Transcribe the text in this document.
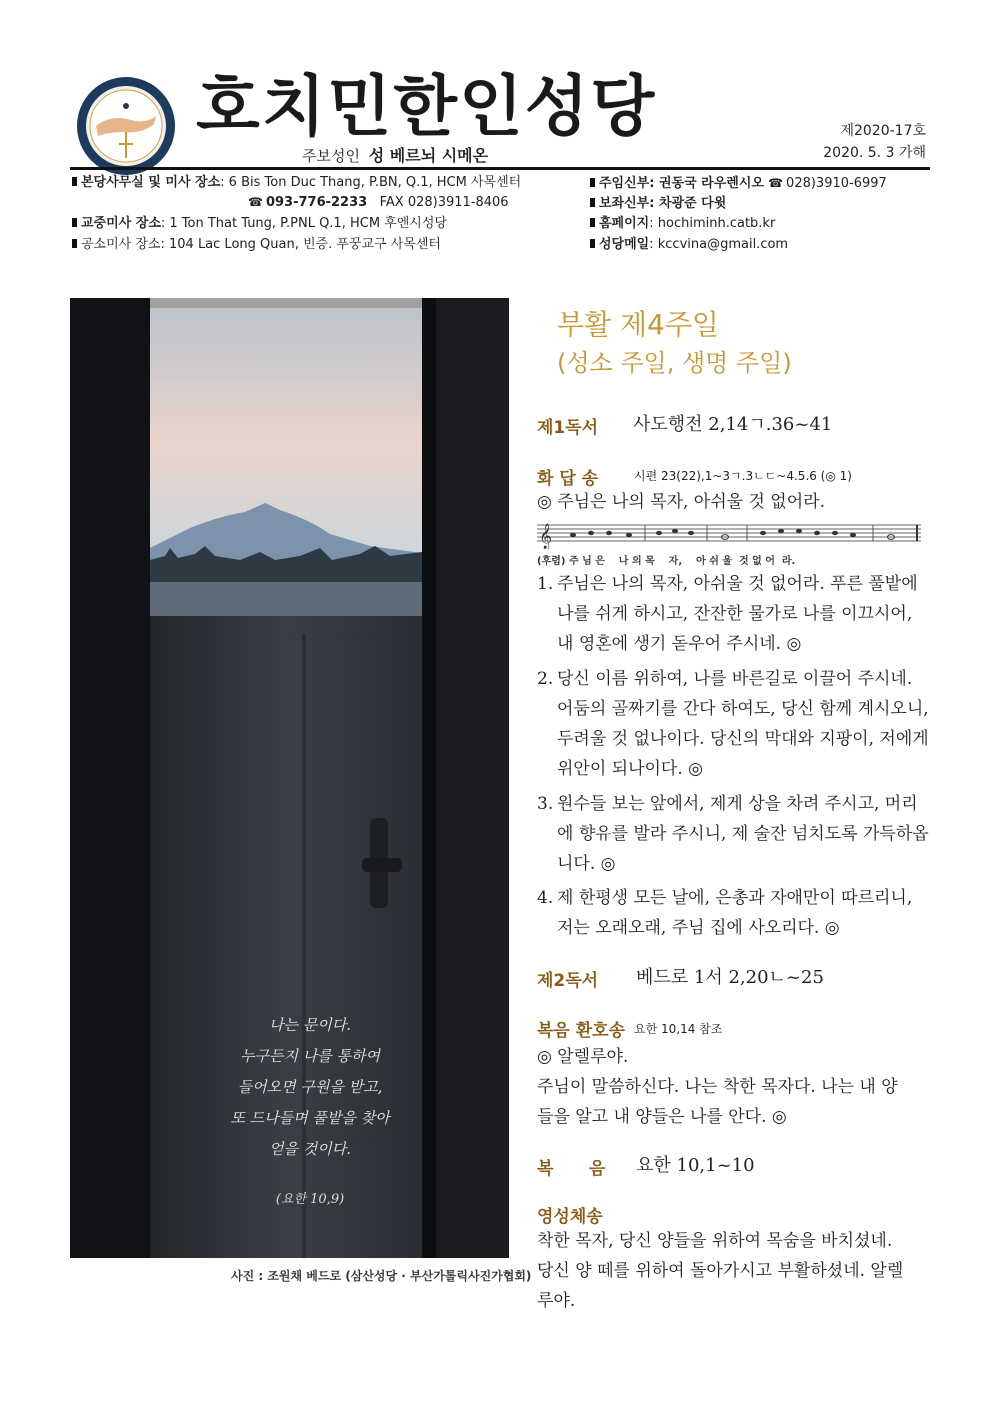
호치민한인성당
주보성인 성 베르뇌 시메온
제2020-17호
2020. 5. 3 가해
본당사무실 및 미사 장소: 6 Bis Ton Duc Thang, P.BN, Q.1, HCM 사목센터
☎ 093-776-2233 FAX 028)3911-8406
교중미사 장소: 1 Ton That Tung, P.PNL Q.1, HCM 후엔시성당
공소미사 장소: 104 Lac Long Quan, 빈증. 푸꿍교구 사목센터
주임신부: 권동국 라우렌시오 ☎ 028)3910-6997
보좌신부: 차광준 다윗
홈페이지: hochiminh.catb.kr
성당메일: kccvina@gmail.com
나는 문이다.
누구든지 나를 통하여
들어오면 구원을 받고,
또 드나들며 풀밭을 찾아
얻을 것이다.
(요한 10,9)
사진 : 조원채 베드로 (삼산성당 · 부산가톨릭사진가협회)
부활 제4주일
(성소 주일, 생명 주일)
제1독서 사도행전 2,14ㄱ.36~41
화 답 송	시편 23(22),1~3ㄱ.3ㄴㄷ~4.5.6 (◎ 1)
◎ 주님은 나의 목자, 아쉬울 것 없어라.
𝄞
(후렴) 주 님 은    나 의 목    자,    아 쉬 울  것 없 어  라.
1. 주님은 나의 목자, 아쉬울 것 없어라. 푸른 풀밭에
나를 쉬게 하시고, 잔잔한 물가로 나를 이끄시어,
내 영혼에 생기 돋우어 주시네. ◎
2. 당신 이름 위하여, 나를 바른길로 이끌어 주시네.
어둠의 골짜기를 간다 하여도, 당신 함께 계시오니,
두려울 것 없나이다. 당신의 막대와 지팡이, 저에게
위안이 되나이다. ◎
3. 원수들 보는 앞에서, 제게 상을 차려 주시고, 머리
에 향유를 발라 주시니, 제 술잔 넘치도록 가득하옵
니다. ◎
4. 제 한평생 모든 날에, 은총과 자애만이 따르리니,
저는 오래오래, 주님 집에 사오리다. ◎
제2독서 베드로 1서 2,20ㄴ~25
복음 환호송 요한 10,14 참조
◎ 알렐루야.
주님이 말씀하신다. 나는 착한 목자다. 나는 내 양
들을 알고 내 양들은 나를 안다. ◎
복      음 요한 10,1~10
영성체송
착한 목자, 당신 양들을 위하여 목숨을 바치셨네.
당신 양 떼를 위하여 돌아가시고 부활하셨네. 알렐
루야.
